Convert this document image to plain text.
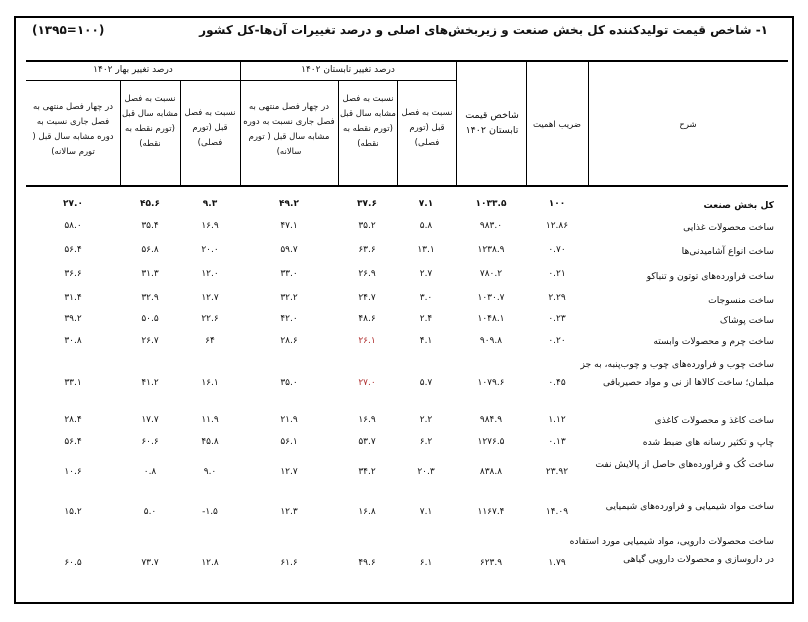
۱- شاخص قیمت تولیدکننده کل بخش صنعت و زیربخش‌های اصلی و درصد تغییرات آن‌ها-کل کشور
(۱۰۰=۱۳۹۵)
درصد تغییر بهار ۱۴۰۲	درصد تغییر تابستان ۱۴۰۲
در چهار فصل منتهی به فصل جاری نسبت به دوره مشابه سال قبل ( تورم سالانه)
نسبت به فصل مشابه سال قبل (تورم نقطه به نقطه)
نسبت به فصل قبل (تورم فصلی)
در چهار فصل منتهی به فصل جاری نسبت به دوره مشابه سال قبل ( تورم سالانه)
نسبت به فصل مشابه سال قبل (تورم نقطه به نقطه)
نسبت به فصل قبل (تورم فصلی)
شاخص قیمت تابستان ۱۴۰۲	ضریب اهمیت	شرح
کل بخش صنعت
۲۷.۰	۴۵.۶	۹.۳	۴۹.۲	۳۷.۶	۷.۱	۱۰۳۳.۵	۱۰۰
ساخت محصولات غذایی
۵۸.۰	۳۵.۴	۱۶.۹	۴۷.۱	۳۵.۲	۵.۸	۹۸۳.۰	۱۲.۸۶
ساخت انواع آشامیدنی‌ها
۵۶.۴	۵۶.۸	۲۰.۰	۵۹.۷	۶۳.۶	۱۳.۱	۱۲۳۸.۹	۰.۷۰
ساخت فراورده‌های توتون و تنباکو
۳۶.۶	۳۱.۳	۱۲.۰	۳۳.۰	۲۶.۹	۲.۷	۷۸۰.۲	۰.۲۱
ساخت منسوجات
۳۱.۴	۳۲.۹	۱۲.۷	۳۲.۲	۲۴.۷	۳.۰	۱۰۳۰.۷	۲.۲۹
ساخت پوشاک
۳۹.۲	۵۰.۵	۲۲.۶	۴۲.۰	۴۸.۶	۲.۴	۱۰۴۸.۱	۰.۲۳
ساخت چرم و محصولات وابسته
۳۰.۸	۲۶.۷	۶۴	۲۸.۶	۲۶.۱	۴.۱	۹۰۹.۸	۰.۲۰
ساخت چوب و فراورده‌های چوب و چوب‌پنبه، به جز مبلمان؛ ساخت کالاها از نی و مواد حصیربافی
۳۳.۱	۴۱.۲	۱۶.۱	۳۵.۰	۲۷.۰	۵.۷	۱۰۷۹.۶	۰.۴۵
ساخت کاغذ و محصولات کاغذی
۲۸.۴	۱۷.۷	۱۱.۹	۲۱.۹	۱۶.۹	۲.۲	۹۸۴.۹	۱.۱۲
چاپ و تکثیر رسانه های ضبط شده
۵۶.۴	۶۰.۶	۴۵.۸	۵۶.۱	۵۳.۷	۶.۲	۱۲۷۶.۵	۰.۱۳
ساخت کُک و فراورده‌های حاصل از پالایش نفت
۱۰.۶	۰.۸	۹.۰	۱۲.۷	۳۴.۲	۲۰.۳	۸۳۸.۸	۲۳.۹۲
ساخت مواد شیمیایی و فراورده‌های شیمیایی
۱۵.۲	۵.۰	-۱.۵	۱۲.۳	۱۶.۸	۷.۱	۱۱۶۷.۴	۱۴.۰۹
ساخت محصولات دارویی، مواد شیمیایی مورد استفاده در داروسازی و محصولات دارویی گیاهی
۶۰.۵	۷۳.۷	۱۲.۸	۶۱.۶	۴۹.۶	۶.۱	۶۲۳.۹	۱.۷۹
